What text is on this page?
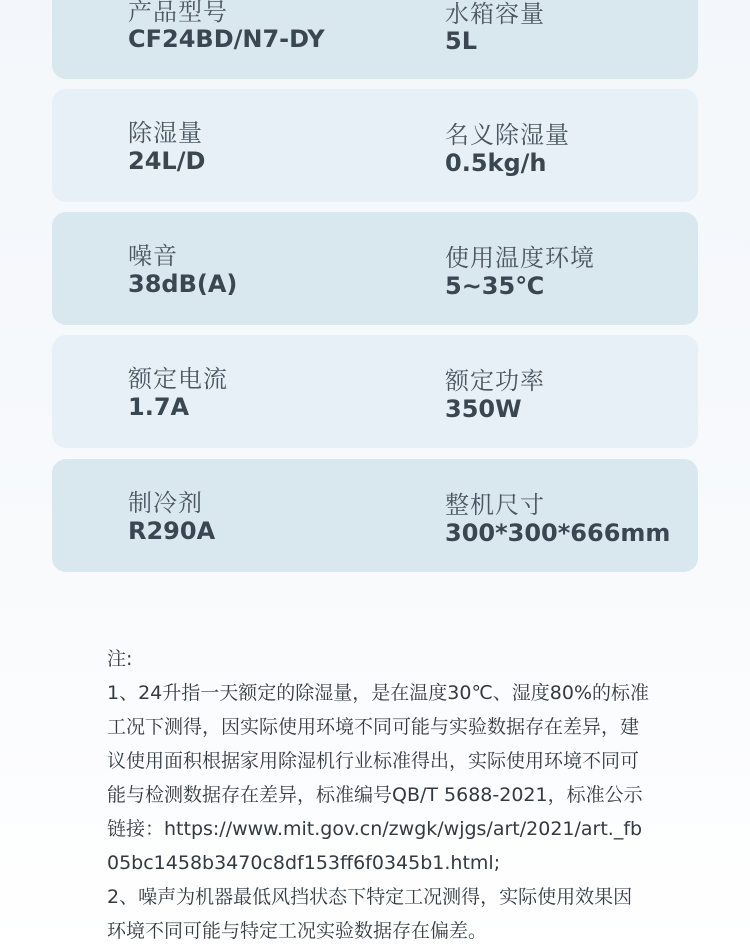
产品型号
CF24BD/N7-DY
水箱容量
5L
除湿量
24L/D
名义除湿量
0.5kg/h
噪音
38dB(A)
使用温度环境
5~35℃
额定电流
1.7A
额定功率
350W
制冷剂
R290A
整机尺寸
300*300*666mm
注:
1、24升指一天额定的除湿量，是在温度30℃、湿度80%的标准
工况下测得，因实际使用环境不同可能与实验数据存在差异，建
议使用面积根据家用除湿机行业标准得出，实际使用环境不同可
能与检测数据存在差异，标准编号QB/T 5688-2021，标准公示
链接：https://www.mit.gov.cn/zwgk/wjgs/art/2021/art._fb
05bc1458b3470c8df153ff6f0345b1.html;
2、噪声为机器最低风挡状态下特定工况测得，实际使用效果因
环境不同可能与特定工况实验数据存在偏差。
